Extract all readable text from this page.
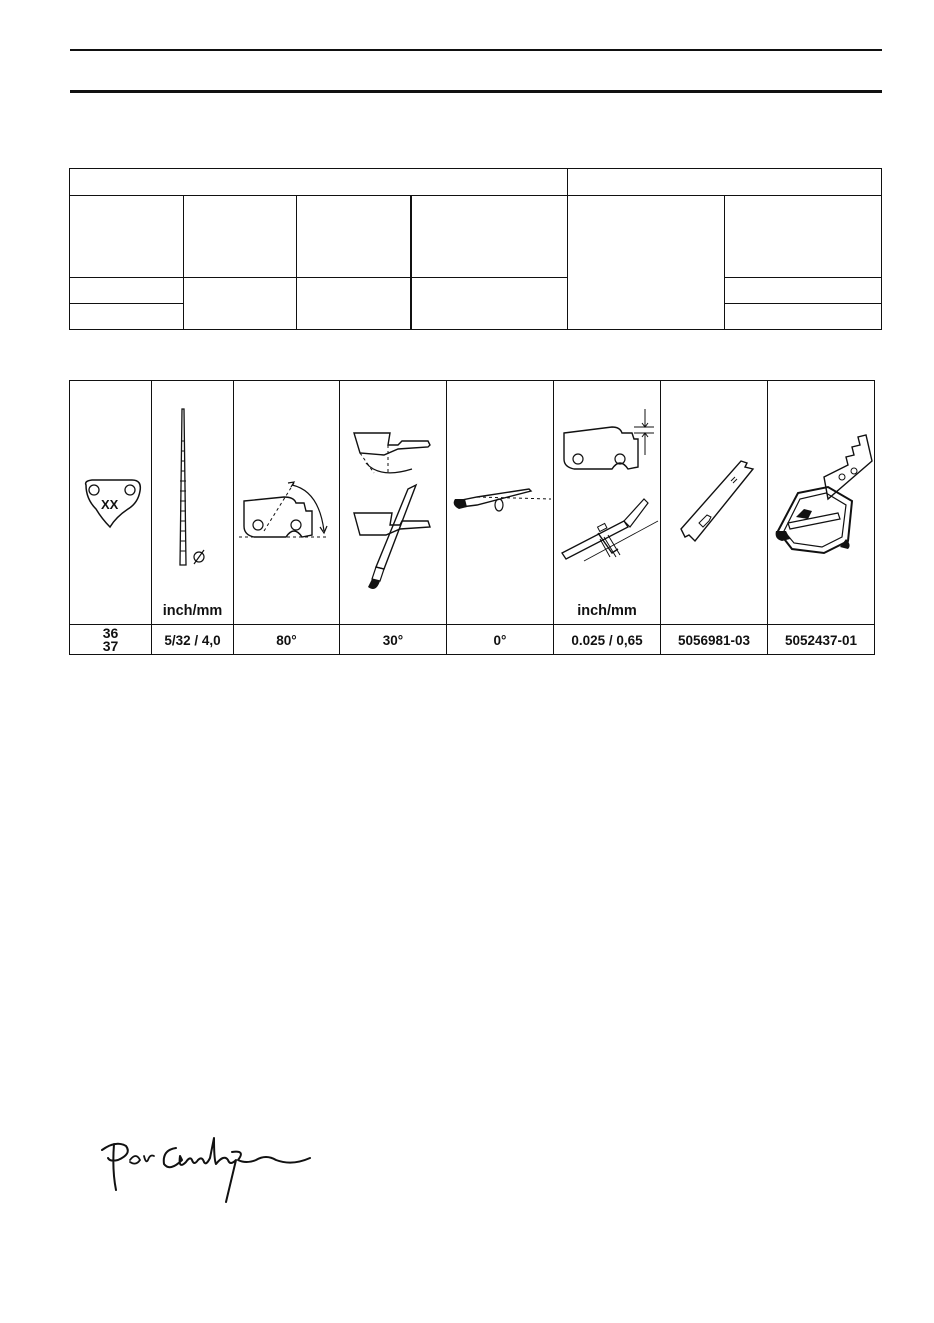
XX
inch/mm	inch/mm
36
37	5/32 / 4,0	80°	30°	0°	0.025 / 0,65	5056981-03	5052437-01
